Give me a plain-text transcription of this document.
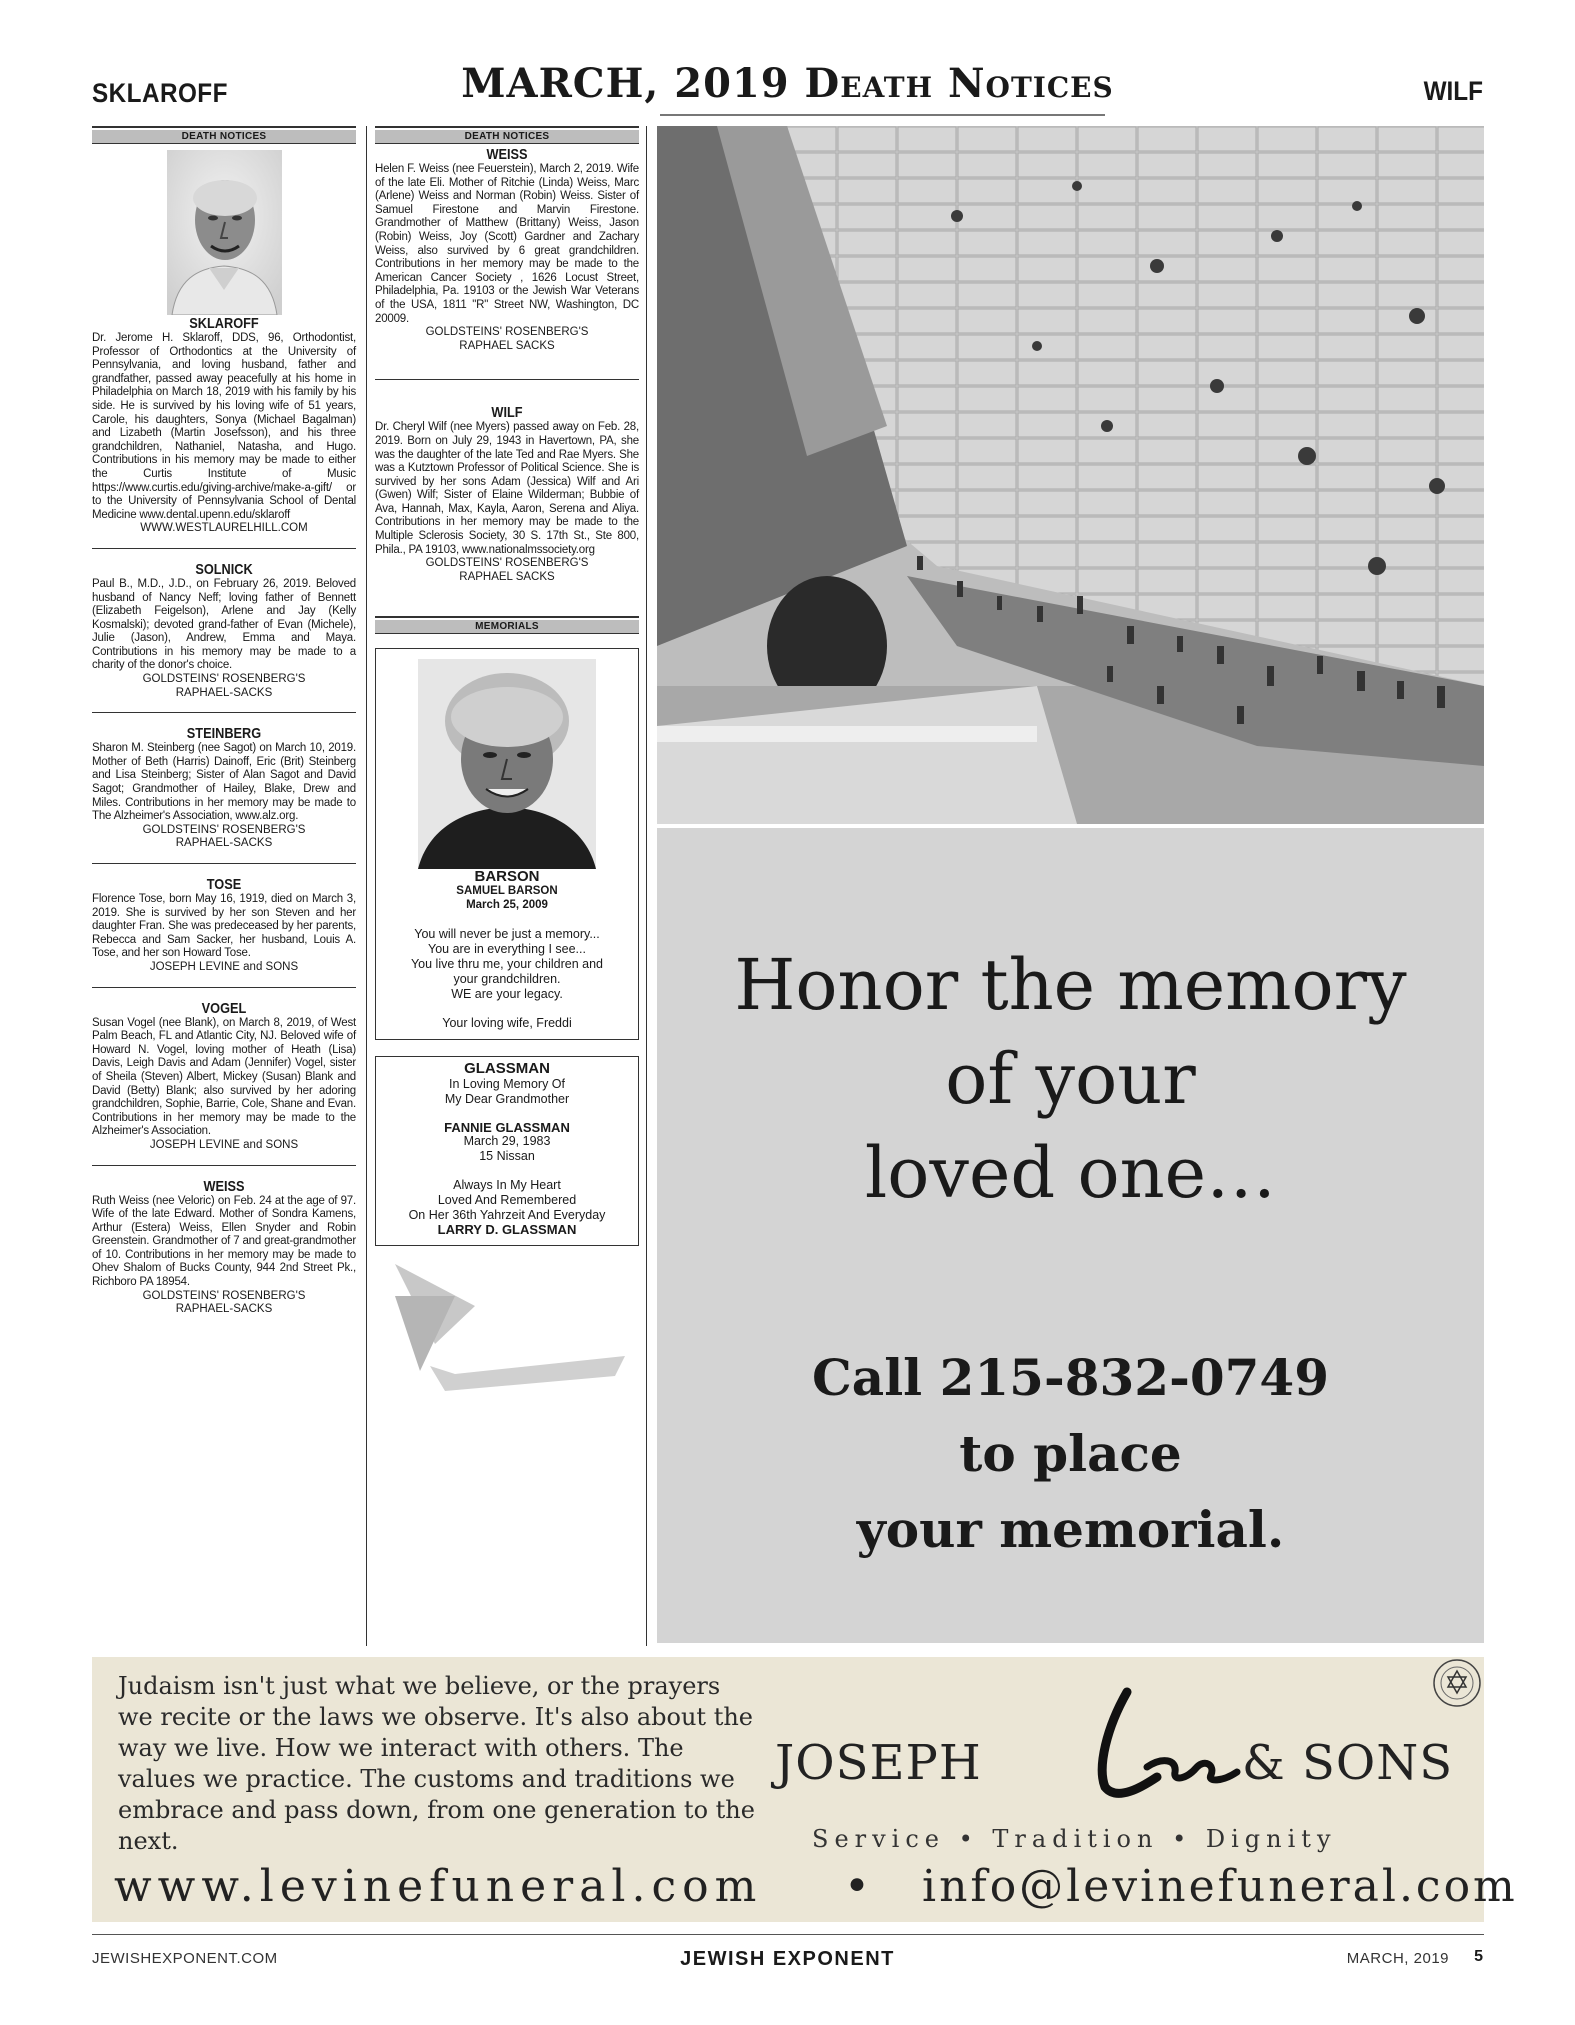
SKLAROFF	MARCH, 2019 Death Notices	WILF
DEATH NOTICES
SKLAROFF
Dr. Jerome H. Sklaroff, DDS, 96, Orthodontist, Professor of Orthodontics at the University of Pennsylvania, and loving husband, father and grandfather, passed away peacefully at his home in Philadelphia on March 18, 2019 with his family by his side. He is survived by his loving wife of 51 years, Carole, his daughters, Sonya (Michael Bagalman) and Lizabeth (Martin Josefsson), and his three grandchildren, Nathaniel, Natasha, and Hugo. Contributions in his memory may be made to either the Curtis Institute of Music https://www.curtis.edu/giving-archive/make-a-gift/ or to the University of Pennsylvania School of Dental Medicine www.dental.upenn.edu/sklaroff
WWW.WESTLAURELHILL.COM
SOLNICK
Paul B., M.D., J.D., on February 26, 2019. Beloved husband of Nancy Neff; loving father of Bennett (Elizabeth Feigelson), Arlene and Jay (Kelly Kosmalski); devoted grand-father of Evan (Michele), Julie (Jason), Andrew, Emma and Maya. Contributions in his memory may be made to a charity of the donor's choice.
GOLDSTEINS' ROSENBERG'S
RAPHAEL-SACKS
STEINBERG
Sharon M. Steinberg (nee Sagot) on March 10, 2019. Mother of Beth (Harris) Dainoff, Eric (Brit) Steinberg and Lisa Steinberg; Sister of Alan Sagot and David Sagot; Grandmother of Hailey, Blake, Drew and Miles. Contributions in her memory may be made to The Alzheimer's Association, www.alz.org.
GOLDSTEINS' ROSENBERG'S
RAPHAEL-SACKS
TOSE
Florence Tose, born May 16, 1919, died on March 3, 2019. She is survived by her son Steven and her daughter Fran. She was predeceased by her parents, Rebecca and Sam Sacker, her husband, Louis A. Tose, and her son Howard Tose.
JOSEPH LEVINE and SONS
VOGEL
Susan Vogel (nee Blank), on March 8, 2019, of West Palm Beach, FL and Atlantic City, NJ. Beloved wife of Howard N. Vogel, loving mother of Heath (Lisa) Davis, Leigh Davis and Adam (Jennifer) Vogel, sister of Sheila (Steven) Albert, Mickey (Susan) Blank and David (Betty) Blank; also survived by her adoring grandchildren, Sophie, Barrie, Cole, Shane and Evan. Contributions in her memory may be made to the Alzheimer's Association.
JOSEPH LEVINE and SONS
WEISS
Ruth Weiss (nee Veloric) on Feb. 24 at the age of 97. Wife of the late Edward. Mother of Sondra Kamens, Arthur (Estera) Weiss, Ellen Snyder and Robin Greenstein. Grandmother of 7 and great-grandmother of 10. Contributions in her memory may be made to Ohev Shalom of Bucks County, 944 2nd Street Pk., Richboro PA 18954.
GOLDSTEINS' ROSENBERG'S
RAPHAEL-SACKS
DEATH NOTICES
WEISS
Helen F. Weiss (nee Feuerstein), March 2, 2019. Wife of the late Eli. Mother of Ritchie (Linda) Weiss, Marc (Arlene) Weiss and Norman (Robin) Weiss. Sister of Samuel Firestone and Marvin Firestone. Grandmother of Matthew (Brittany) Weiss, Jason (Robin) Weiss, Joy (Scott) Gardner and Zachary Weiss, also survived by 6 great grandchildren. Contributions in her memory may be made to the American Cancer Society , 1626 Locust Street, Philadelphia, Pa. 19103 or the Jewish War Veterans of the USA, 1811 "R" Street NW, Washington, DC 20009.
GOLDSTEINS' ROSENBERG'S
RAPHAEL SACKS
WILF
Dr. Cheryl Wilf (nee Myers) passed away on Feb. 28, 2019. Born on July 29, 1943 in Havertown, PA, she was the daughter of the late Ted and Rae Myers. She was a Kutztown Professor of Political Science. She is survived by her sons Adam (Jessica) Wilf and Ari (Gwen) Wilf; Sister of Elaine Wilderman; Bubbie of Ava, Hannah, Max, Kayla, Aaron, Serena and Aliya. Contributions in her memory may be made to the Multiple Sclerosis Society, 30 S. 17th St., Ste 800, Phila., PA 19103, www.nationalmssociety.org
GOLDSTEINS' ROSENBERG'S
RAPHAEL SACKS
MEMORIALS
BARSON
SAMUEL BARSON
March 25, 2009
You will never be just a memory...
You are in everything I see...
You live thru me, your children and
your grandchildren.
WE are your legacy.
Your loving wife, Freddi
GLASSMAN
In Loving Memory Of
My Dear Grandmother
FANNIE GLASSMAN
March 29, 1983
15 Nissan
Always In My Heart
Loved And Remembered
On Her 36th Yahrzeit And Everyday
LARRY D. GLASSMAN
Honor the memory
of your
loved one…
Call 215-832-0749
to place
your memorial.
Judaism isn't just what we believe, or the prayers we recite or the laws we observe. It's also about the way we live. How we interact with others. The values we practice. The customs and traditions we embrace and pass down, from one generation to the next.
JOSEPH	& SONS
Service • Tradition • Dignity
www.levinefuneral.com • info@levinefuneral.com
JEWISHEXPONENT.COM	JEWISH EXPONENT	MARCH, 2019 5
